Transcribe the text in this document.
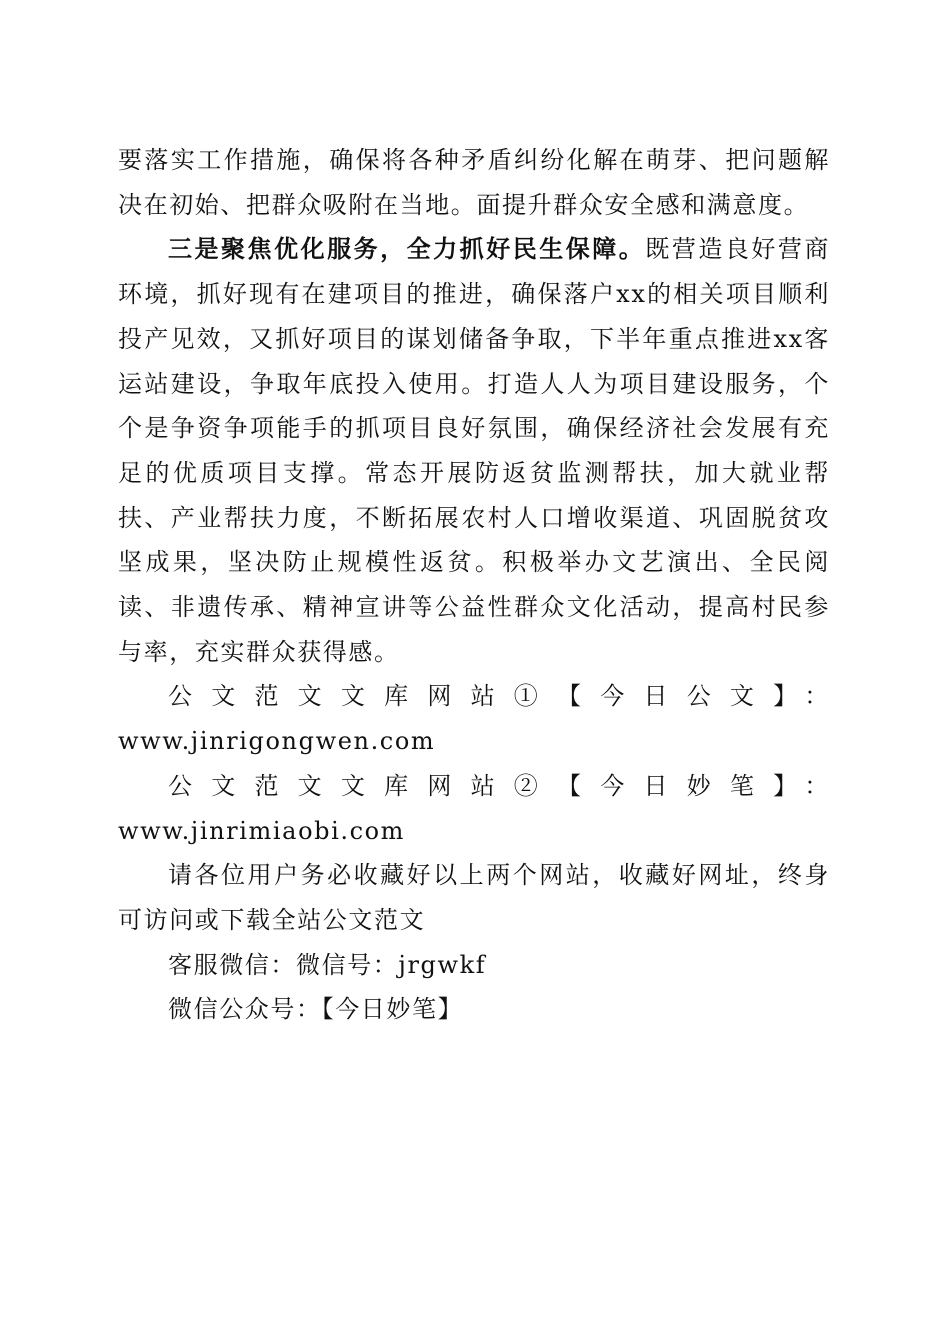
要落实工作措施，确保将各种矛盾纠纷化解在萌芽、把问题解决在初始、把群众吸附在当地。面提升群众安全感和满意度。

三是聚焦优化服务，全力抓好民生保障。既营造良好营商环境，抓好现有在建项目的推进，确保落户xx的相关项目顺利投产见效，又抓好项目的谋划储备争取，下半年重点推进xx客运站建设，争取年底投入使用。打造人人为项目建设服务，个个是争资争项能手的抓项目良好氛围，确保经济社会发展有充足的优质项目支撑。常态开展防返贫监测帮扶，加大就业帮扶、产业帮扶力度，不断拓展农村人口增收渠道、巩固脱贫攻坚成果，坚决防止规模性返贫。积极举办文艺演出、全民阅读、非遗传承、精神宣讲等公益性群众文化活动，提高村民参与率，充实群众获得感。

公文范文文库网站①【今日公文】：

www.jinrigongwen.com

公文范文文库网站②【今日妙笔】：www.jinrimiaobi.com

请各位用户务必收藏好以上两个网站，收藏好网址，终身可访问或下载全站公文范文

客服微信：微信号：jrgwkf

微信公众号：【今日妙笔】
